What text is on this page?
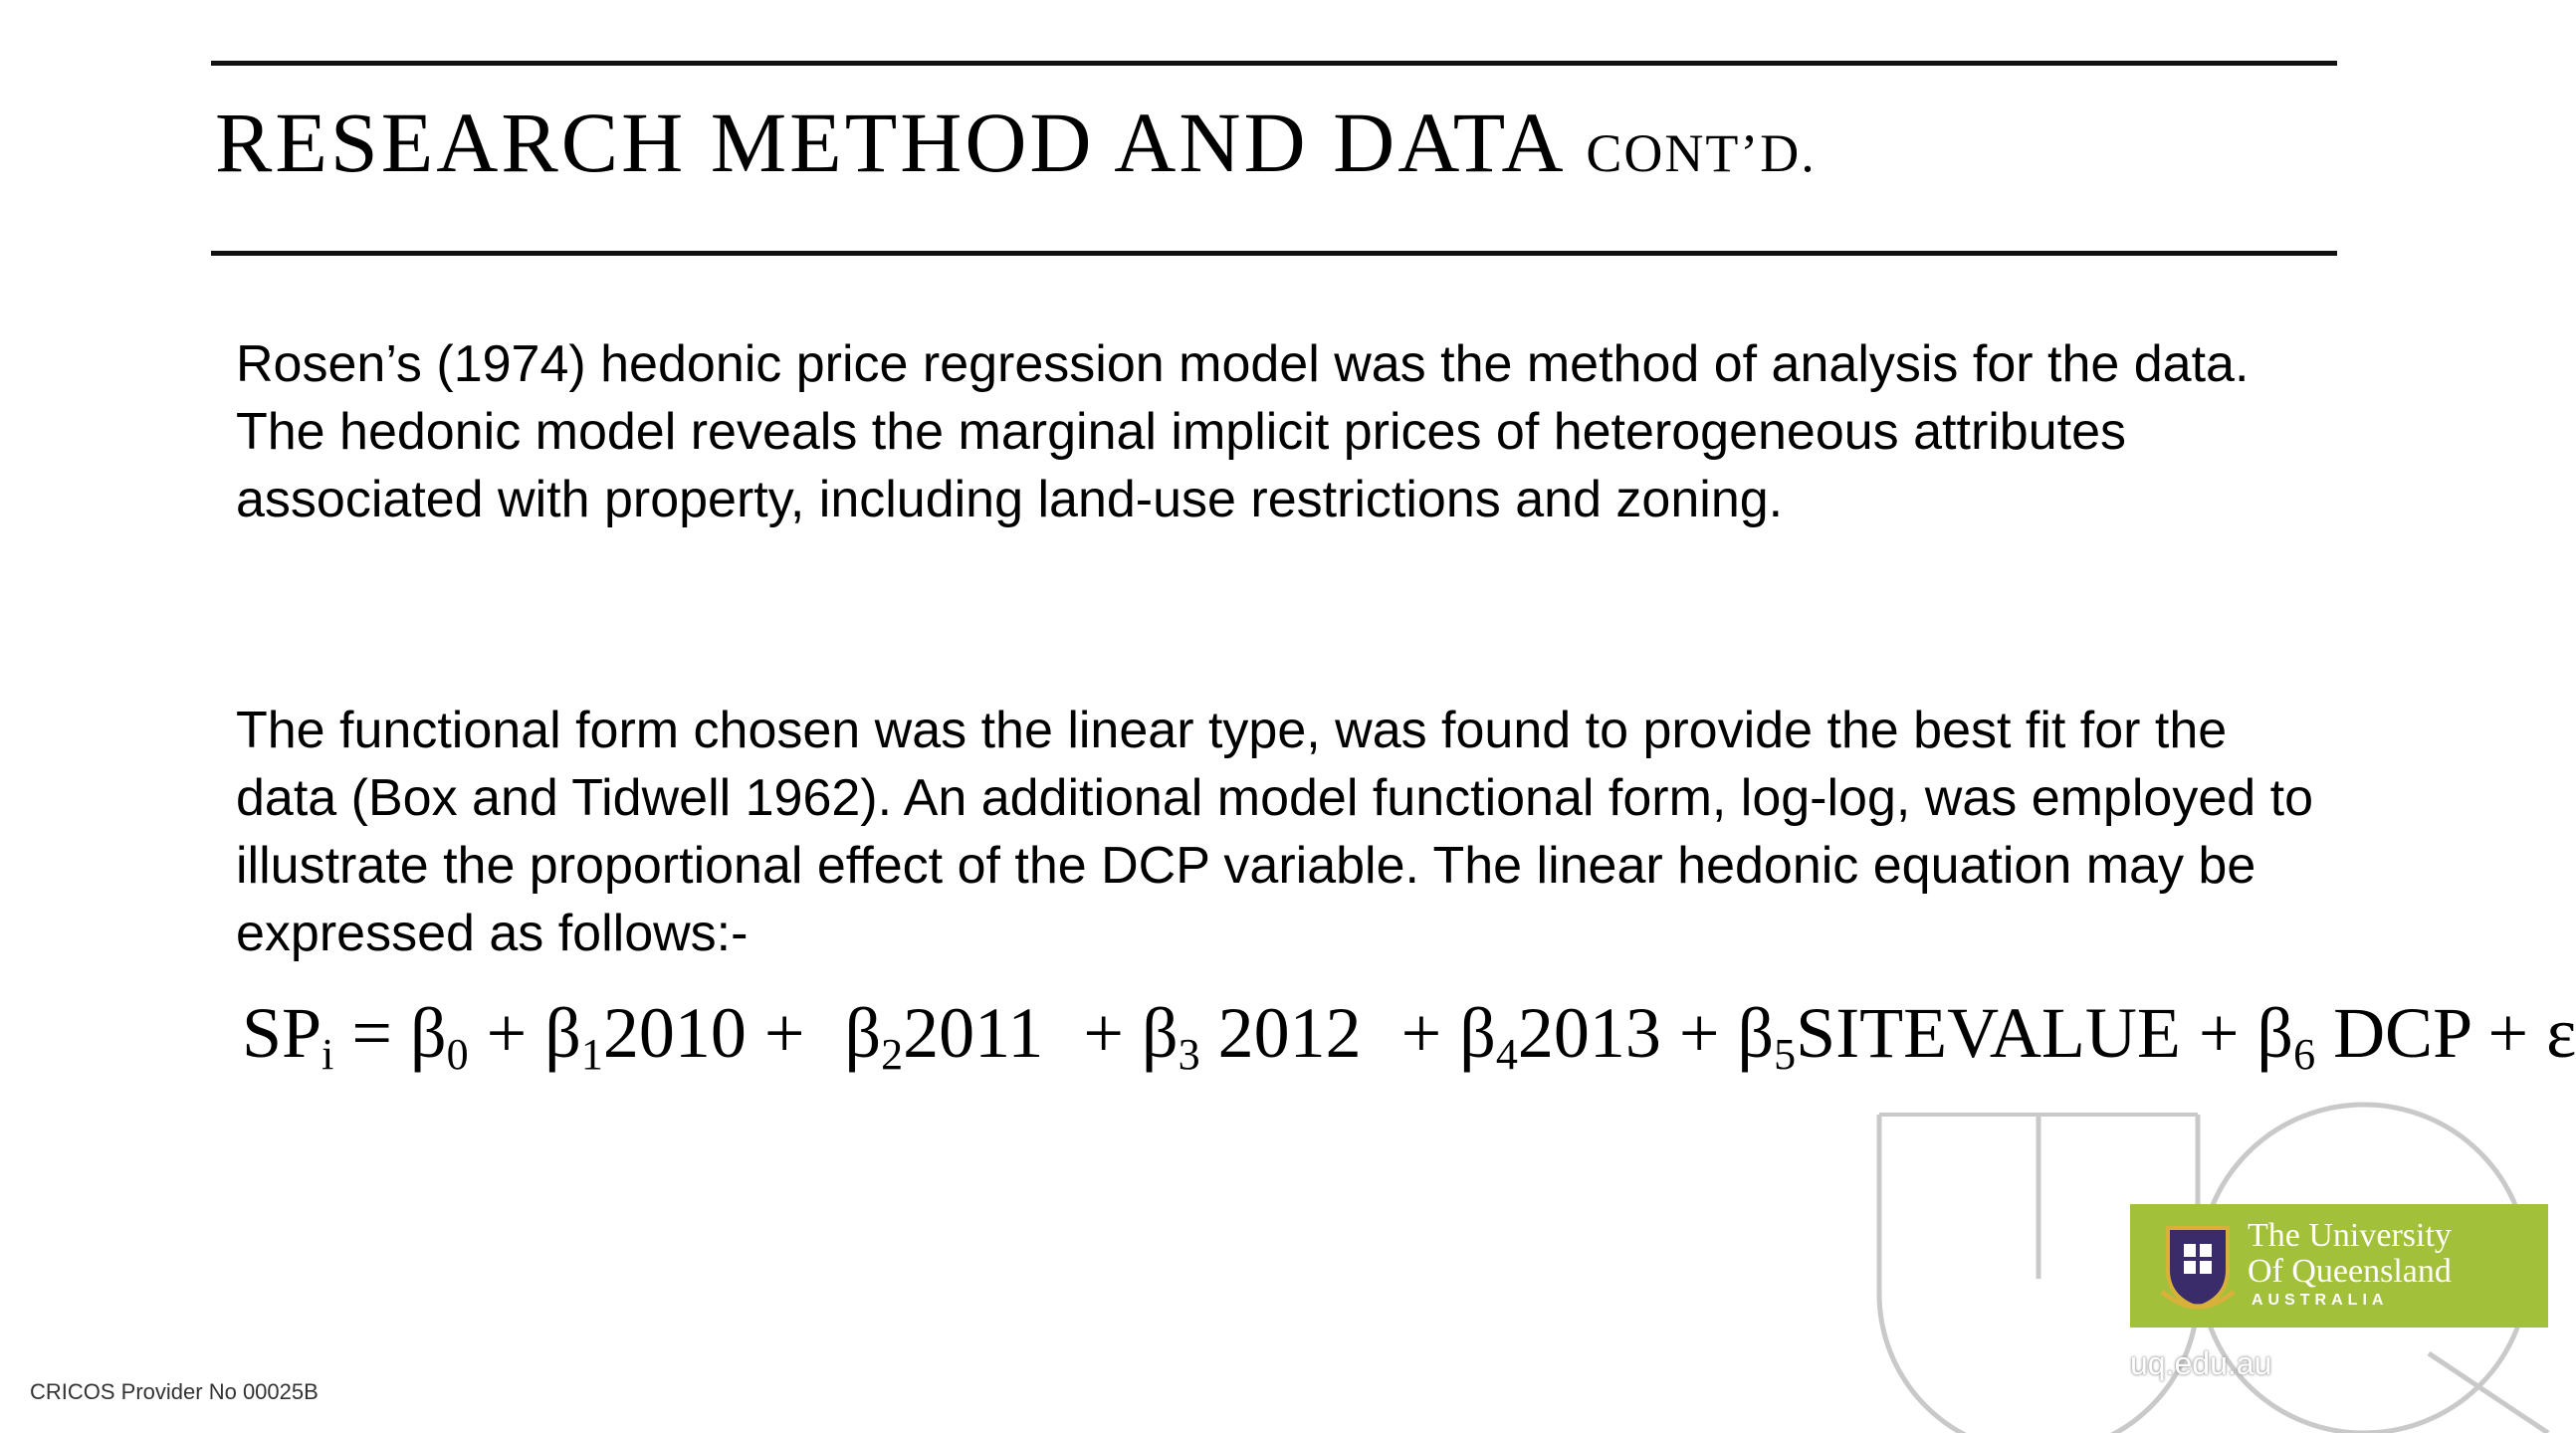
RESEARCH METHOD AND DATA CONT’D.

Rosen’s (1974) hedonic price regression model was the method of analysis for the data. The hedonic model reveals the marginal implicit prices of heterogeneous attributes associated with property, including land-use restrictions and zoning.

The functional form chosen was the linear type, was found to provide the best fit for the data (Box and Tidwell 1962). An additional model functional form, log-log, was employed to illustrate the proportional effect of the DCP variable. The linear hedonic equation may be expressed as follows:-

$SP_i = \beta_0 + \beta_12010 + \beta_22011 + \beta_3$ $2012 + \beta_42013$ + $\beta_5SITEVALUE + \beta_6$ DCP + ε
The University
Of Queensland
AUSTRALIA
uq.edu.au
CRICOS Provider No 00025B
